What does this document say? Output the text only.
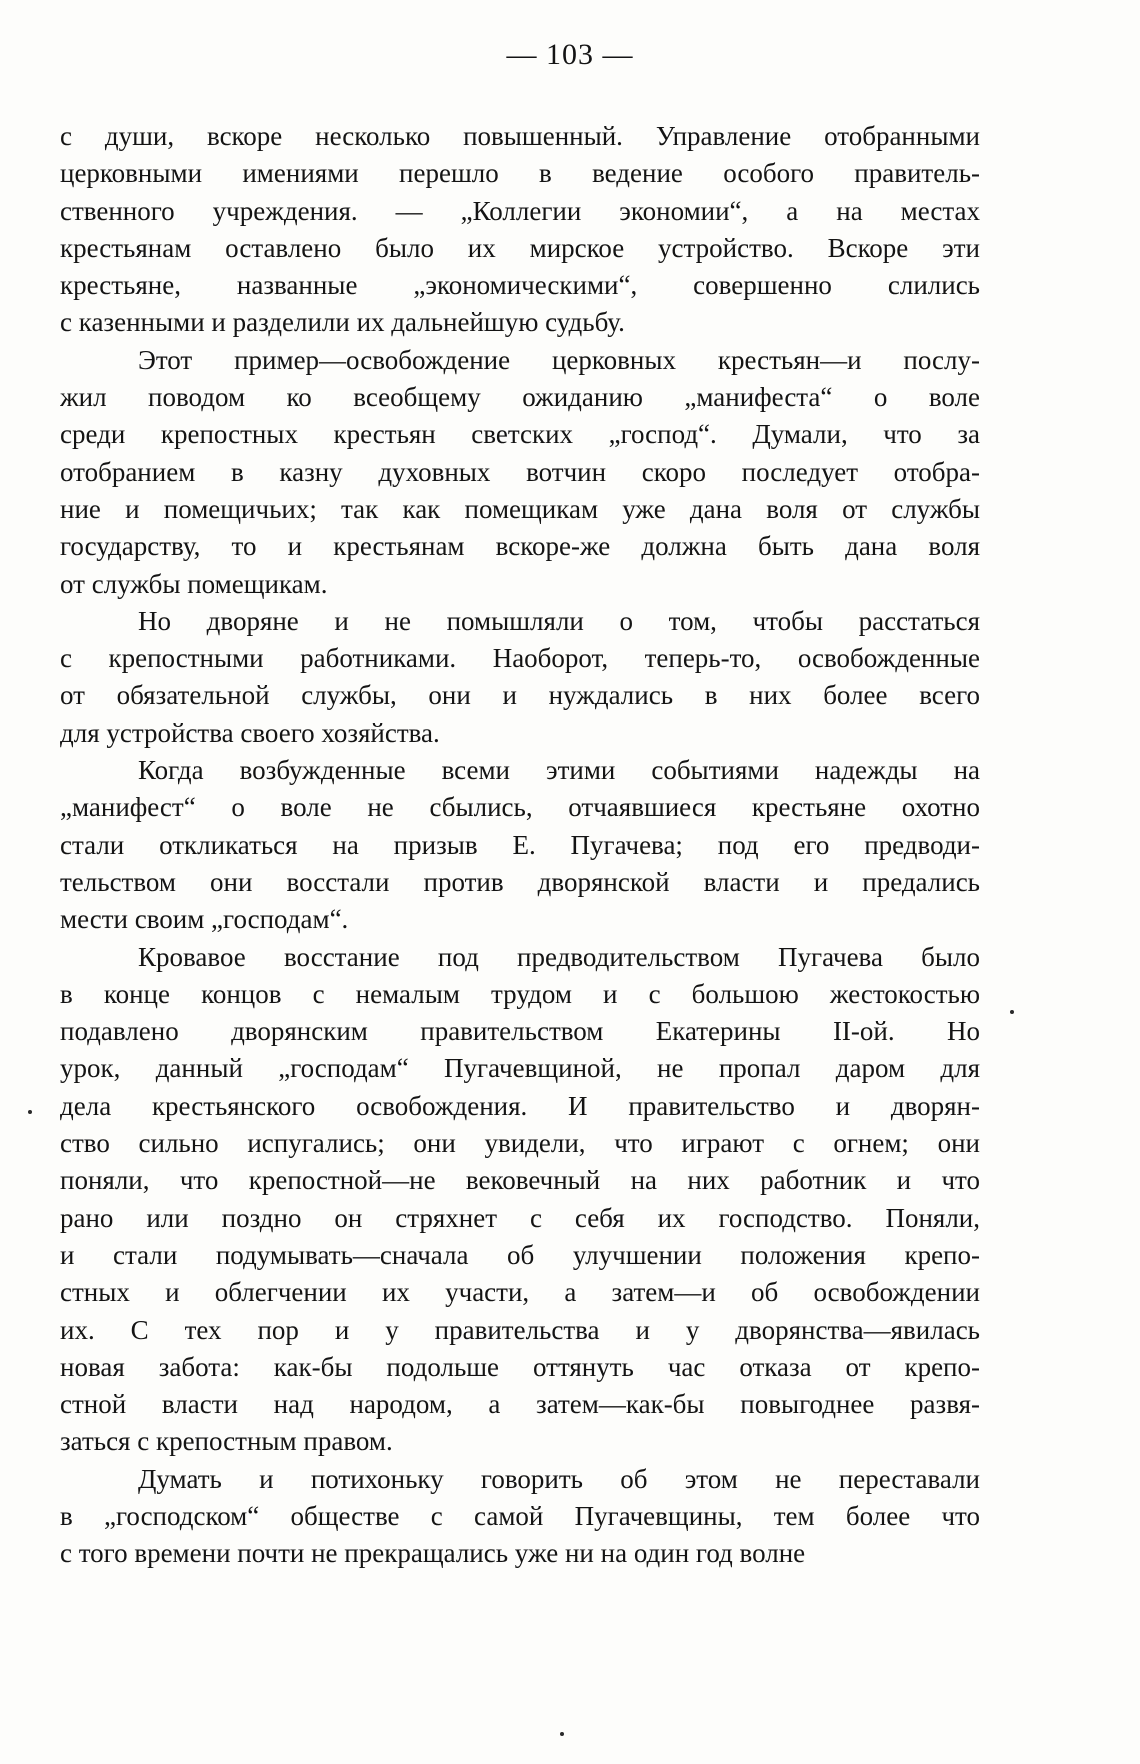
— 103 —
с души, вскоре несколько повышенный. Управление отобранными
церковными имениями перешло в ведение особого правитель-
ственного учреждения. — „Коллегии экономии“, а на местах
крестьянам оставлено было их мирское устройство. Вскоре эти
крестьяне, названные „экономическими“, совершенно слились
с казенными и разделили их дальнейшую судьбу.
Этот пример—освобождение церковных крестьян—и послу-
жил поводом ко всеобщему ожиданию „манифеста“ о воле
среди крепостных крестьян светских „господ“. Думали, что за
отобранием в казну духовных вотчин скоро последует отобра-
ние и помещичьих; так как помещикам уже дана воля от службы
государству, то и крестьянам вскоре-же должна быть дана воля
от службы помещикам.
Но дворяне и не помышляли о том, чтобы расстаться
с крепостными работниками. Наоборот, теперь-то, освобожденные
от обязательной службы, они и нуждались в них более всего
для устройства своего хозяйства.
Когда возбужденные всеми этими событиями надежды на
„манифест“ о воле не сбылись, отчаявшиеся крестьяне охотно
стали откликаться на призыв Е. Пугачева; под его предводи-
тельством они восстали против дворянской власти и предались
мести своим „господам“.
Кровавое восстание под предводительством Пугачева было
в конце концов с немалым трудом и с большою жестокостью
подавлено дворянским правительством Екатерины II-ой. Но
урок, данный „господам“ Пугачевщиной, не пропал даром для
дела крестьянского освобождения. И правительство и дворян-
ство сильно испугались; они увидели, что играют с огнем; они
поняли, что крепостной—не вековечный на них работник и что
рано или поздно он стряхнет с себя их господство. Поняли,
и стали подумывать—сначала об улучшении положения крепо-
стных и облегчении их участи, а затем—и об освобождении
их. С тех пор и у правительства и у дворянства—явилась
новая забота: как-бы подольше оттянуть час отказа от крепо-
стной власти над народом, а затем—как-бы повыгоднее развя-
заться с крепостным правом.
Думать и потихоньку говорить об этом не переставали
в „господском“ обществе с самой Пугачевщины, тем более что
с того времени почти не прекращались уже ни на один год волне
